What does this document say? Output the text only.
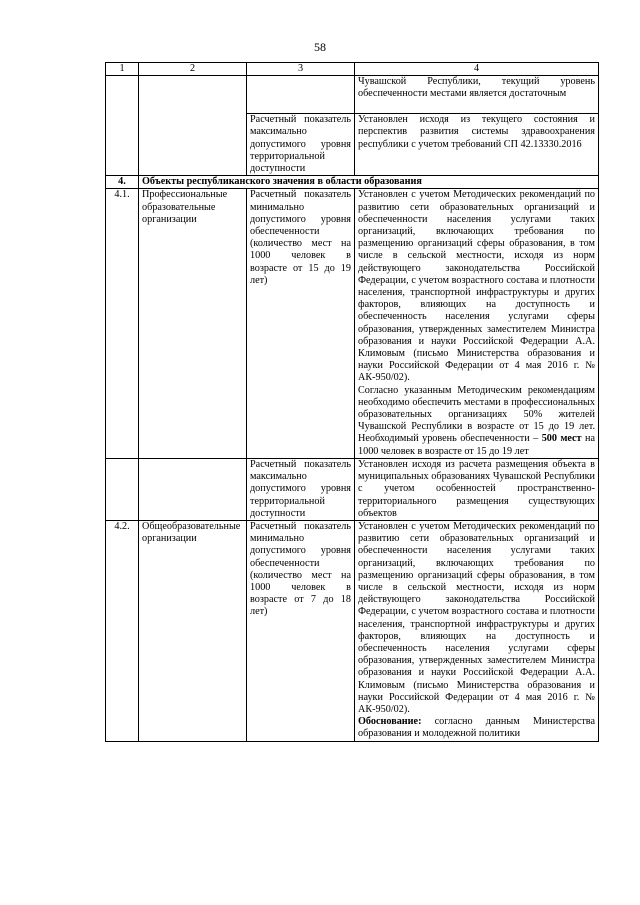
58
1	2	3	4
			Чувашской Республики, текущий уровень обеспеченности местами является достаточным
		Расчетный показатель максимально допустимого уровня территориальной доступности	Установлен исходя из текущего состояния и перспектив развития системы здравоохранения республики с учетом требований СП 42.13330.2016
4.	Объекты республиканского значения в области образования		
4.1.	Профессиональные образовательные организации	Расчетный показатель минимально допустимого уровня обеспеченности (количество мест на 1000 человек в возрасте от 15 до 19 лет)	Установлен с учетом Методических рекомендаций по развитию сети образовательных организаций и обеспеченности населения услугами таких организаций, включающих требования по размещению организаций сферы образования, в том числе в сельской местности, исходя из норм действующего законодательства Российской Федерации, с учетом возрастного состава и плотности населения, транспортной инфраструктуры и других факторов, влияющих на доступность и обеспеченность населения услугами сферы образования, утвержденных заместителем Министра образования и науки Российской Федерации А.А. Климовым (письмо Министерства образования и науки Российской Федерации от 4 мая 2016 г. № АК-950/02).
Согласно указанным Методическим рекомендациям необходимо обеспечить местами в профессиональных образовательных организациях 50% жителей Чувашской Республики в возрасте от 15 до 19 лет. Необходимый уровень обеспеченности – 500 мест на 1000 человек в возрасте от 15 до 19 лет

		Расчетный показатель максимально допустимого уровня территориальной доступности	Установлен исходя из расчета размещения объекта в муниципальных образованиях Чувашской Республики с учетом особенностей пространственно-территориального размещения существующих объектов
4.2.	Общеобразовательные организации	Расчетный показатель минимально допустимого уровня обеспеченности (количество мест на 1000 человек в возрасте от 7 до 18 лет)	Установлен с учетом Методических рекомендаций по развитию сети образовательных организаций и обеспеченности населения услугами таких организаций, включающих требования по размещению организаций сферы образования, в том числе в сельской местности, исходя из норм действующего законодательства Российской Федерации, с учетом возрастного состава и плотности населения, транспортной инфраструктуры и других факторов, влияющих на доступность и обеспеченность населения услугами сферы образования, утвержденных заместителем Министра образования и науки Российской Федерации А.А. Климовым (письмо Министерства образования и науки Российской Федерации от 4 мая 2016 г. № АК-950/02).
Обоснование: согласно данным Министерства образования и молодежной политики
